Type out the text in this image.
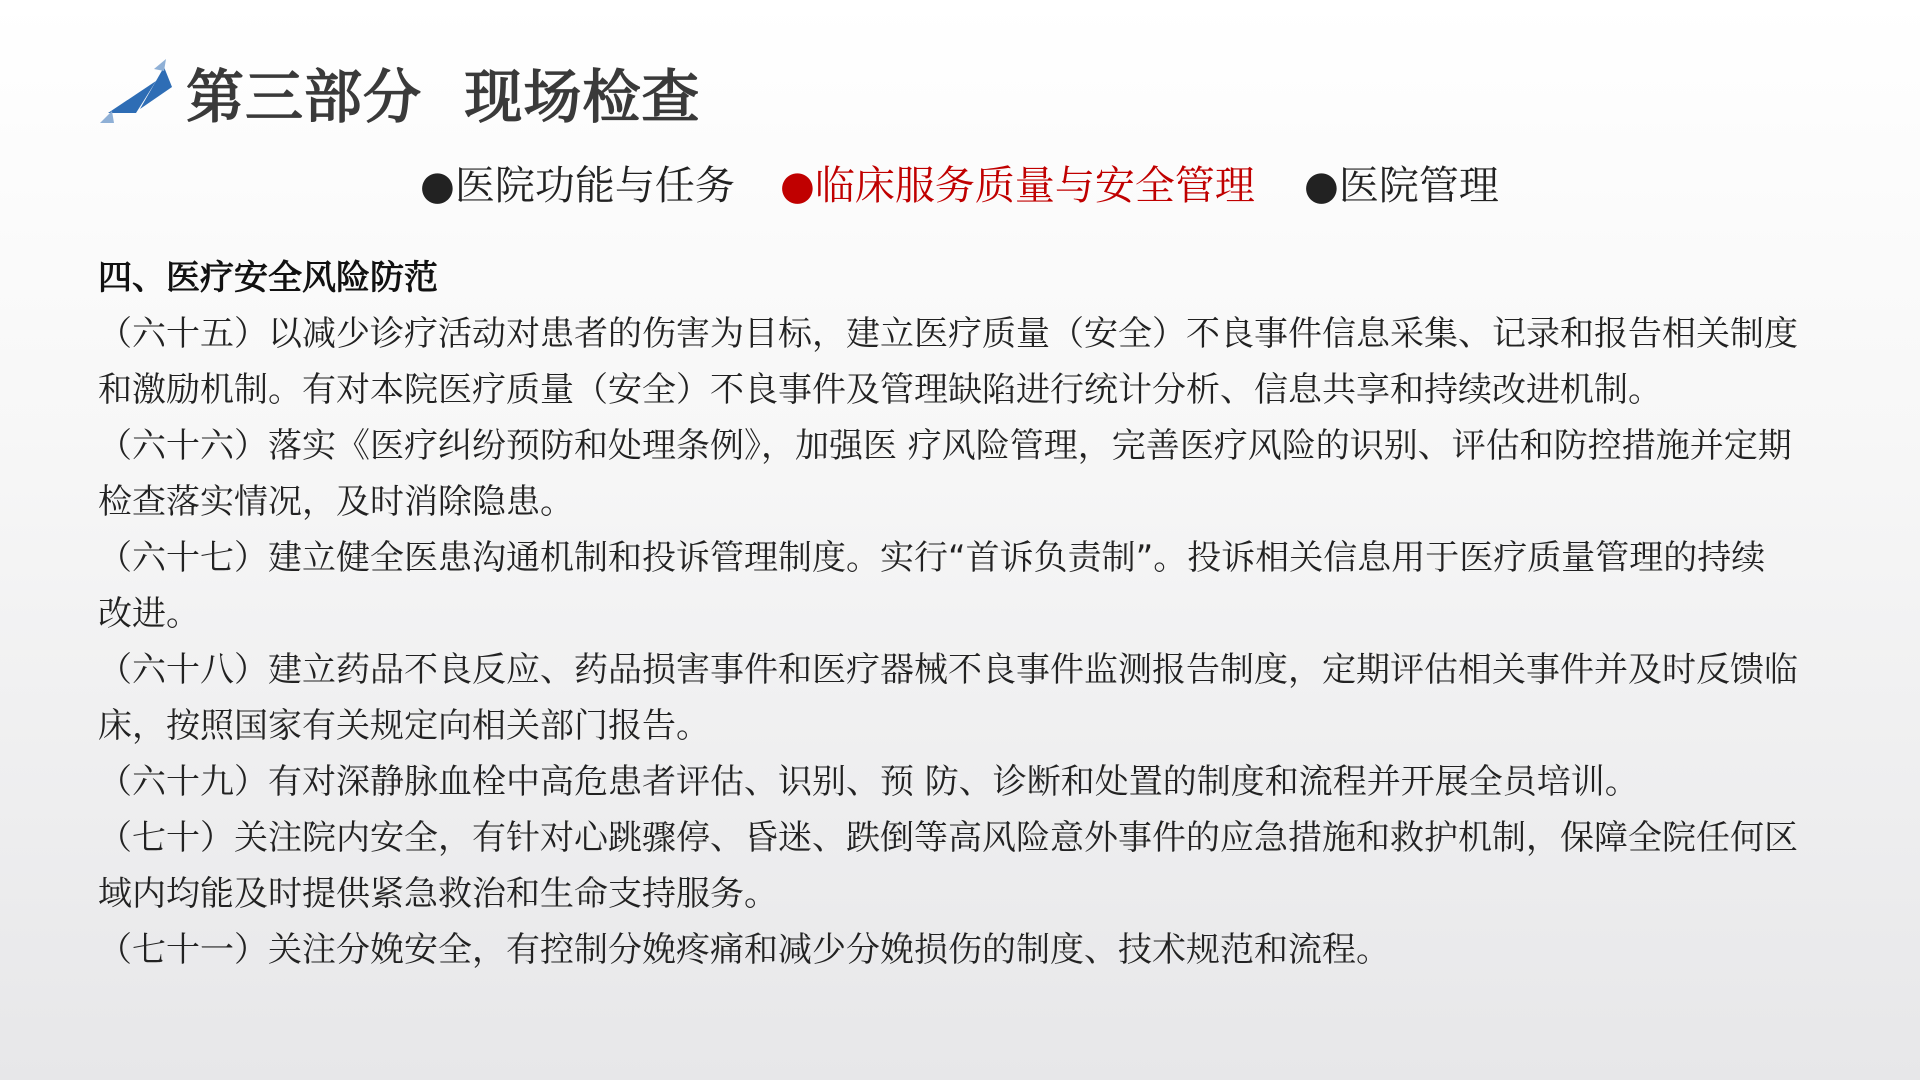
第三部分  现场检查
●医院功能与任务 ●临床服务质量与安全管理 ●医院管理
四、医疗安全风险防范

（六十五）以减少诊疗活动对患者的伤害为目标，建立医疗质量（安全）不良事件信息采集、记录和报告相关制度 和激励机制。有对本院医疗质量（安全）不良事件及管理缺陷进行统计分析、信息共享和持续改进机制。

（六十六）落实《医疗纠纷预防和处理条例》，加强医 疗风险管理，完善医疗风险的识别、评估和防控措施并定期检查落实情况，及时消除隐患。

（六十七）建立健全医患沟通机制和投诉管理制度。实行“首诉负责制”。投诉相关信息用于医疗质量管理的持续改进。

（六十八）建立药品不良反应、药品损害事件和医疗器械不良事件监测报告制度，定期评估相关事件并及时反馈临床，按照国家有关规定向相关部门报告。

（六十九）有对深静脉血栓中高危患者评估、识别、预 防、诊断和处置的制度和流程并开展全员培训。

（七十）关注院内安全，有针对心跳骤停、昏迷、跌倒等高风险意外事件的应急措施和救护机制，保障全院任何区域内均能及时提供紧急救治和生命支持服务。

（七十一）关注分娩安全，有控制分娩疼痛和减少分娩损伤的制度、技术规范和流程。
